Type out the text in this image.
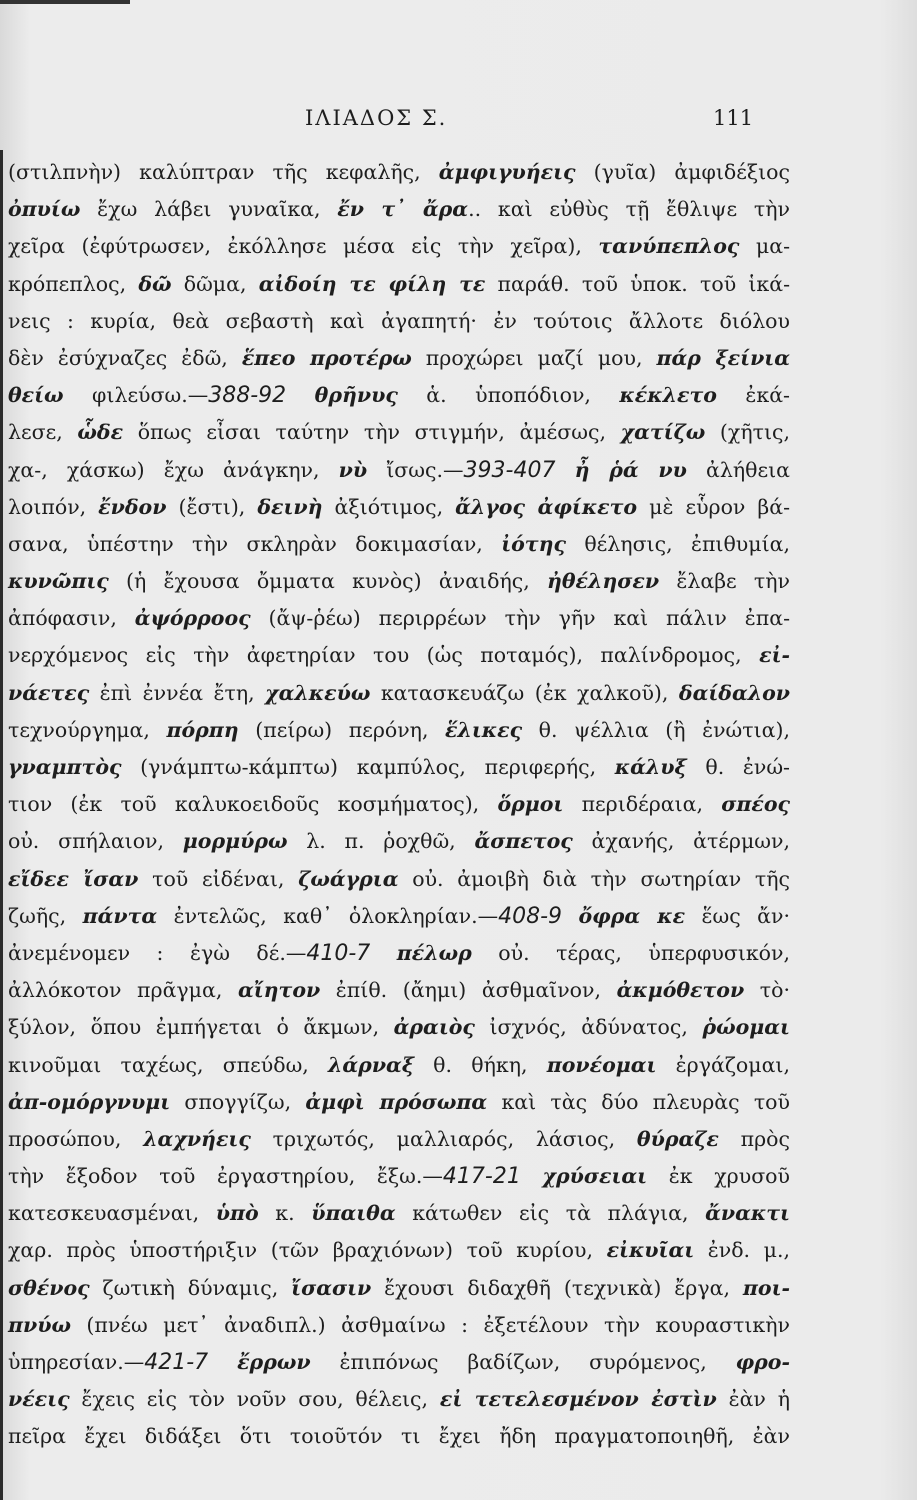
ΙΛΙΑΔΟΣ Σ.	111
(στιλπνὴν) καλύπτραν τῆς κεφαλῆς, ἀμφιγυήεις (γυῖα) ἀμφιδέξιος
ὀπυίω ἔχω λάβει γυναῖκα, ἔν τ᾽ ἄρα.. καὶ εὐθὺς τῇ ἔθλιψε τὴν
χεῖρα (ἐφύτρωσεν, ἐκόλλησε μέσα εἰς τὴν χεῖρα), τανύπεπλος μα-
κρόπεπλος, δῶ δῶμα, αἰδοίη τε φίλη τε παράθ. τοῦ ὑποκ. τοῦ ἱκά-
νεις : κυρία, θεὰ σεβαστὴ καὶ ἀγαπητή· ἐν τούτοις ἄλλοτε διόλου
δὲν ἐσύχναζες ἐδῶ, ἕπεο προτέρω προχώρει μαζί μου, πάρ ξείνια
θείω φιλεύσω.—388-92 θρῆνυς ἁ. ὑποπόδιον, κέκλετο ἐκά-
λεσε, ὧδε ὅπως εἶσαι ταύτην τὴν στιγμήν, ἀμέσως, χατίζω (χῆτις,
χα-, χάσκω) ἔχω ἀνάγκην, νὺ ἴσως.—393-407 ἦ ῥά νυ ἀλήθεια
λοιπόν, ἔνδον (ἔστι), δεινὴ ἀξιότιμος, ἄλγος ἀφίκετο μὲ εὗρον βά-
σανα, ὑπέστην τὴν σκληρὰν δοκιμασίαν, ἰότης θέλησις, ἐπιθυμία,
κυνῶπις (ἡ ἔχουσα ὄμματα κυνὸς) ἀναιδής, ἠθέλησεν ἔλαβε τὴν
ἀπόφασιν, ἀψόρροος (ἄψ-ῥέω) περιρρέων τὴν γῆν καὶ πάλιν ἐπα-
νερχόμενος εἰς τὴν ἀφετηρίαν του (ὡς ποταμός), παλίνδρομος, εἰ-
νάετες ἐπὶ ἐννέα ἔτη, χαλκεύω κατασκευάζω (ἐκ χαλκοῦ), δαίδαλον
τεχνούργημα, πόρπη (πείρω) περόνη, ἕλικες θ. ψέλλια (ἢ ἐνώτια),
γναμπτὸς (γνάμπτω-κάμπτω) καμπύλος, περιφερής, κάλυξ θ. ἐνώ-
τιον (ἐκ τοῦ καλυκοειδοῦς κοσμήματος), ὅρμοι περιδέραια, σπέος
οὐ. σπήλαιον, μορμύρω λ. π. ῥοχθῶ, ἄσπετος ἀχανής, ἀτέρμων,
εἴδεε ἴσαν τοῦ εἰδέναι, ζωάγρια οὐ. ἀμοιβὴ διὰ τὴν σωτηρίαν τῆς
ζωῆς, πάντα ἐντελῶς, καθ᾽ ὁλοκληρίαν.—408-9 ὄφρα κε ἕως ἄν·
ἀνεμένομεν : ἐγὼ δέ.—410-7 πέλωρ οὐ. τέρας, ὑπερφυσικόν,
ἀλλόκοτον πρᾶγμα, αἴητον ἐπίθ. (ἄημι) ἀσθμαῖνον, ἀκμόθετον τὸ·
ξύλον, ὅπου ἐμπήγεται ὁ ἄκμων, ἀραιὸς ἰσχνός, ἀδύνατος, ῥώομαι
κινοῦμαι ταχέως, σπεύδω, λάρναξ θ. θήκη, πονέομαι ἐργάζομαι,
ἀπ-ομόργνυμι σπογγίζω, ἀμφὶ πρόσωπα καὶ τὰς δύο πλευρὰς τοῦ
προσώπου, λαχνήεις τριχωτός, μαλλιαρός, λάσιος, θύραζε πρὸς
τὴν ἔξοδον τοῦ ἐργαστηρίου, ἔξω.—417-21 χρύσειαι ἐκ χρυσοῦ
κατεσκευασμέναι, ὑπὸ κ. ὕπαιθα κάτωθεν εἰς τὰ πλάγια, ἄνακτι
χαρ. πρὸς ὑποστήριξιν (τῶν βραχιόνων) τοῦ κυρίου, εἰκυῖαι ἐνδ. μ.,
σθένος ζωτικὴ δύναμις, ἴσασιν ἔχουσι διδαχθῆ (τεχνικὰ) ἔργα, ποι-
πνύω (πνέω μετ᾽ ἀναδιπλ.) ἀσθμαίνω : ἐξετέλουν τὴν κουραστικὴν
ὑπηρεσίαν.—421-7 ἔρρων ἐπιπόνως βαδίζων, συρόμενος, φρο-
νέεις ἔχεις εἰς τὸν νοῦν σου, θέλεις, εἰ τετελεσμένον ἐστὶν ἐὰν ἡ
πεῖρα ἔχει διδάξει ὅτι τοιοῦτόν τι ἔχει ἤδη πραγματοποιηθῆ, ἐὰν
